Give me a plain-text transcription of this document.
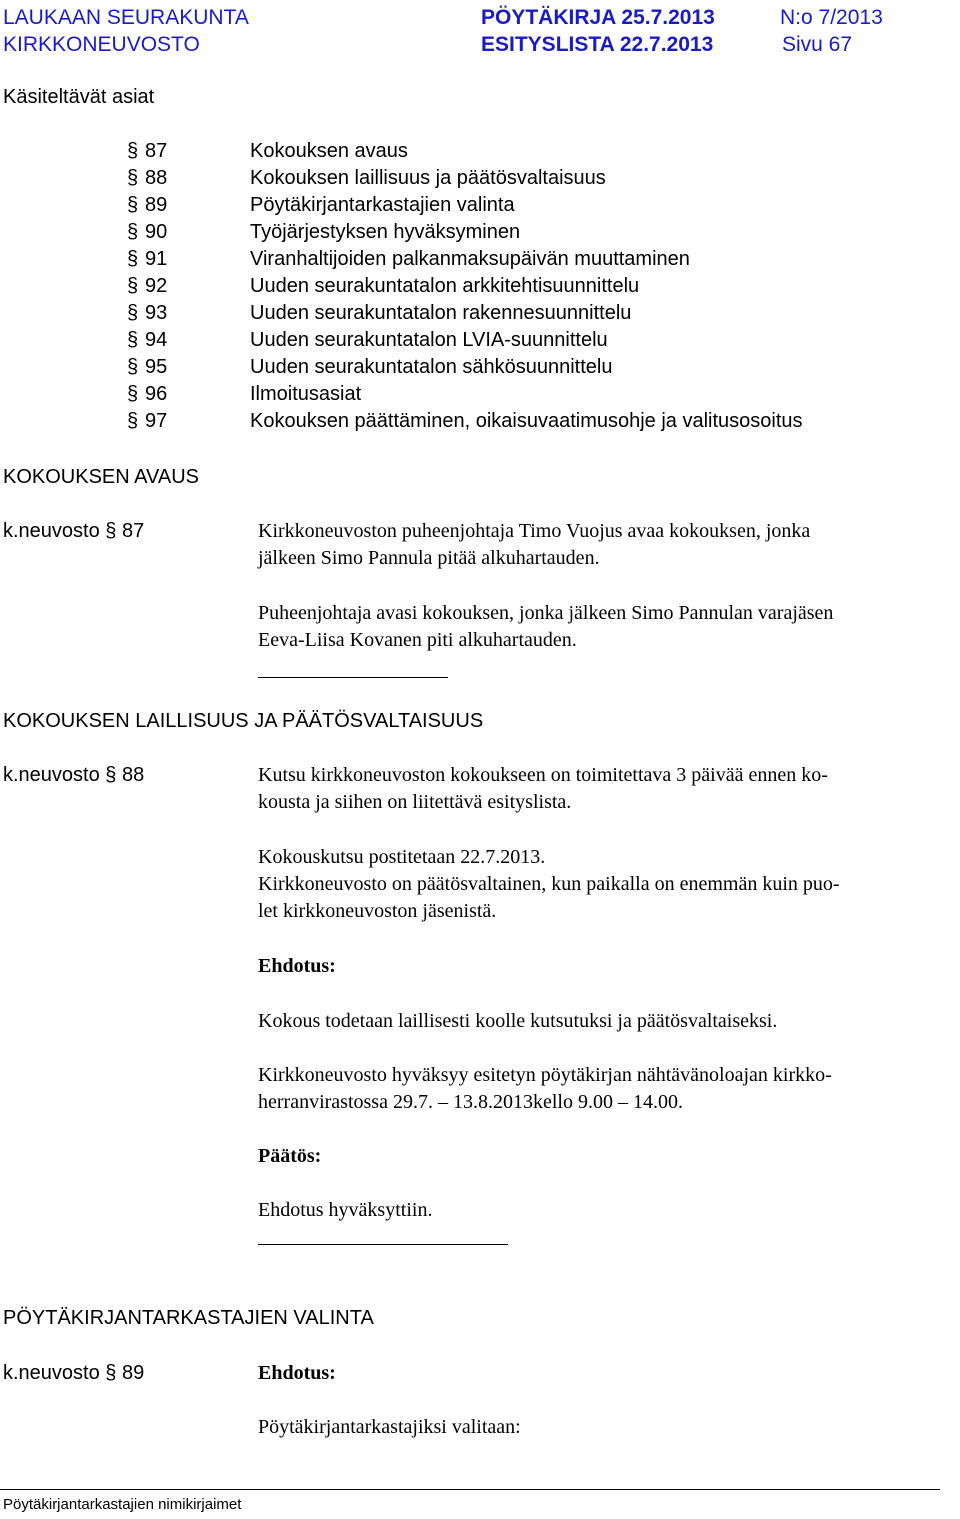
LAUKAAN SEURAKUNTA
KIRKKONEUVOSTO
PÖYTÄKIRJA 25.7.2013
ESITYSLISTA 22.7.2013
N:o 7/2013
Sivu 67
Käsiteltävät asiat
§ 87	Kokouksen avaus
§ 88	Kokouksen laillisuus ja päätösvaltaisuus
§ 89	Pöytäkirjantarkastajien valinta
§ 90	Työjärjestyksen hyväksyminen
§ 91	Viranhaltijoiden palkanmaksupäivän muuttaminen
§ 92	Uuden seurakuntatalon arkkitehtisuunnittelu
§ 93	Uuden seurakuntatalon rakennesuunnittelu
§ 94	Uuden seurakuntatalon LVIA-suunnittelu
§ 95	Uuden seurakuntatalon sähkösuunnittelu
§ 96	Ilmoitusasiat
§ 97	Kokouksen päättäminen, oikaisuvaatimusohje ja valitusosoitus
KOKOUKSEN AVAUS
k.neuvosto § 87	Kirkkoneuvoston puheenjohtaja Timo Vuojus avaa kokouksen, jonka
jälkeen Simo Pannula pitää alkuhartauden.
Puheenjohtaja avasi kokouksen, jonka jälkeen Simo Pannulan varajäsen
Eeva-Liisa Kovanen piti alkuhartauden.
KOKOUKSEN LAILLISUUS JA PÄÄTÖSVALTAISUUS
k.neuvosto § 88	Kutsu kirkkoneuvoston kokoukseen on toimitettava 3 päivää ennen ko-
kousta ja siihen on liitettävä esityslista.
Kokouskutsu postitetaan 22.7.2013.
Kirkkoneuvosto on päätösvaltainen, kun paikalla on enemmän kuin puo-
let kirkkoneuvoston jäsenistä.
Ehdotus:
Kokous todetaan laillisesti koolle kutsutuksi ja päätösvaltaiseksi.
Kirkkoneuvosto hyväksyy esitetyn pöytäkirjan nähtävänoloajan kirkko-
herranvirastossa 29.7. – 13.8.2013kello 9.00 – 14.00.
Päätös:
Ehdotus hyväksyttiin.
PÖYTÄKIRJANTARKASTAJIEN VALINTA
k.neuvosto § 89	Ehdotus:
Pöytäkirjantarkastajiksi valitaan:
Pöytäkirjantarkastajien nimikirjaimet
